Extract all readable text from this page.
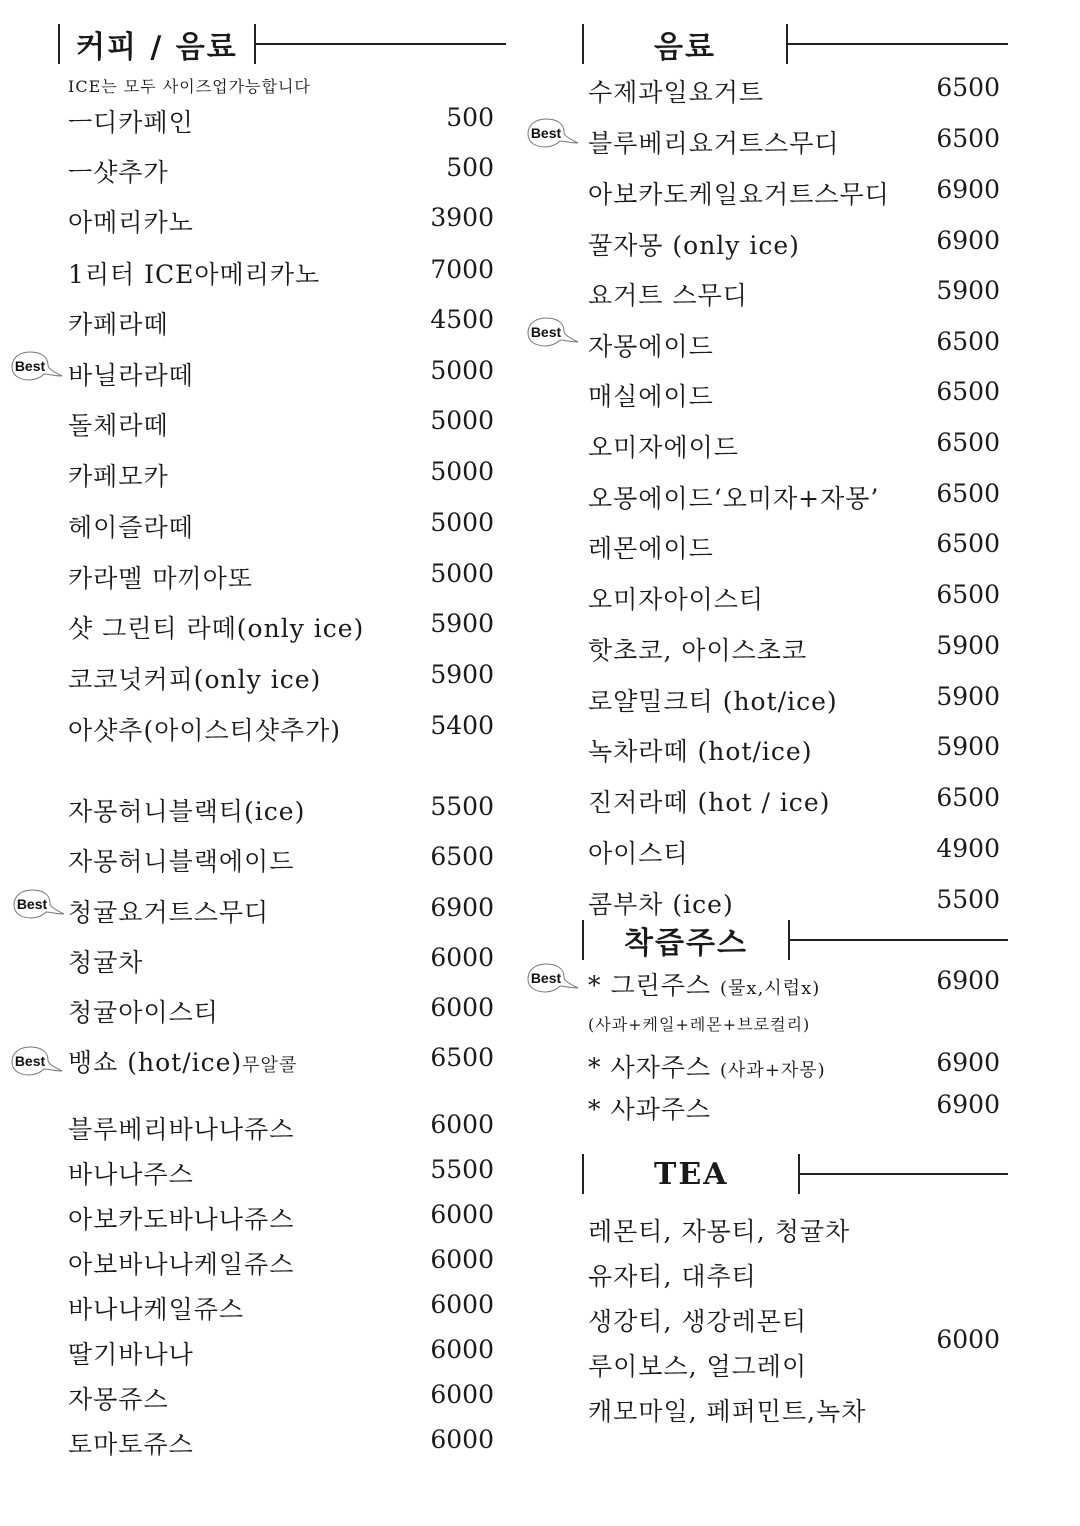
커피 / 음료
ICE는 모두 사이즈업가능합니다
ㅡ디카페인	500
ㅡ샷추가	500
아메리카노	3900
1리터 ICE아메리카노	7000
카페라떼	4500
바닐라라떼	5000
돌체라떼	5000
카페모카	5000
헤이즐라떼	5000
카라멜 마끼아또	5000
샷 그린티 라떼(only ice)	5900
코코넛커피(only ice)	5900
아샷추(아이스티샷추가)	5400
자몽허니블랙티(ice)	5500
자몽허니블랙에이드	6500
청귤요거트스무디	6900
청귤차	6000
청귤아이스티	6000
뱅쇼 (hot/ice)무알콜	6500
블루베리바나나쥬스	6000
바나나주스	5500
아보카도바나나쥬스	6000
아보바나나케일쥬스	6000
바나나케일쥬스	6000
딸기바나나	6000
자몽쥬스	6000
토마토쥬스	6000
음료
수제과일요거트	6500
블루베리요거트스무디	6500
아보카도케일요거트스무디	6900
꿀자몽 (only ice)	6900
요거트 스무디	5900
자몽에이드	6500
매실에이드	6500
오미자에이드	6500
오몽에이드‘오미자+자몽’	6500
레몬에이드	6500
오미자아이스티	6500
핫초코, 아이스초코	5900
로얄밀크티 (hot/ice)	5900
녹차라떼 (hot/ice)	5900
진저라떼 (hot / ice)	6500
아이스티	4900
콤부차 (ice)	5500
착즙주스
* 그린주스 (물x,시럽x)	6900
* 사자주스 (사과+자몽)	6900
* 사과주스	6900
(사과+케일+레몬+브로컬리)
TEA
레몬티, 자몽티, 청귤차
유자티, 대추티
생강티, 생강레몬티
루이보스, 얼그레이
캐모마일, 페퍼민트,녹차
6000
Best
Best
Best
Best
Best
Best
